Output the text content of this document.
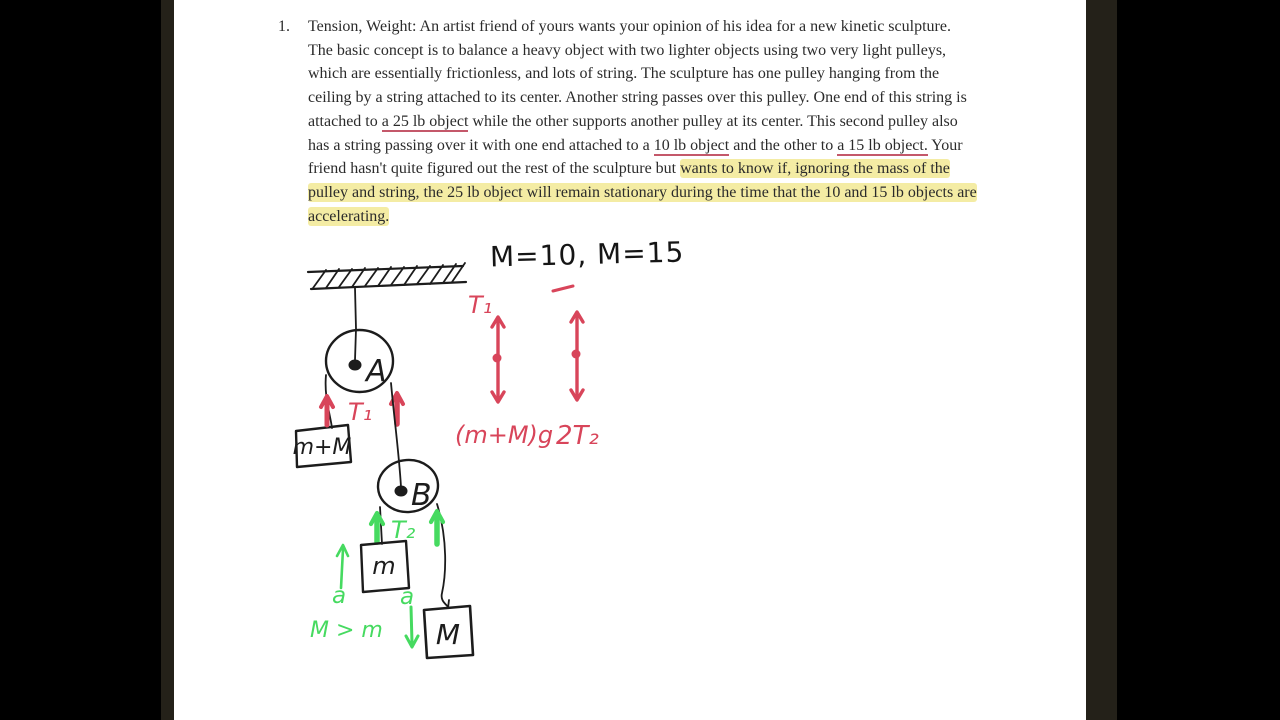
1. Tension, Weight: An artist friend of yours wants your opinion of his idea for a new kinetic sculpture. The basic concept is to balance a heavy object with two lighter objects using two very light pulleys, which are essentially frictionless, and lots of string. The sculpture has one pulley hanging from the ceiling by a string attached to its center. Another string passes over this pulley. One end of this string is attached to a 25 lb object while the other supports another pulley at its center. This second pulley also has a string passing over it with one end attached to a 10 lb object and the other to a 15 lb object. Your friend hasn't quite figured out the rest of the sculpture but wants to know if, ignoring the mass of the pulley and string, the 25 lb object will remain stationary during the time that the 10 and 15 lb objects are accelerating.
M=10, M=15
A
m+M
T₁
B
T₂
m
a
M
a
M > m
T₁
(m+M)g 2T₂
